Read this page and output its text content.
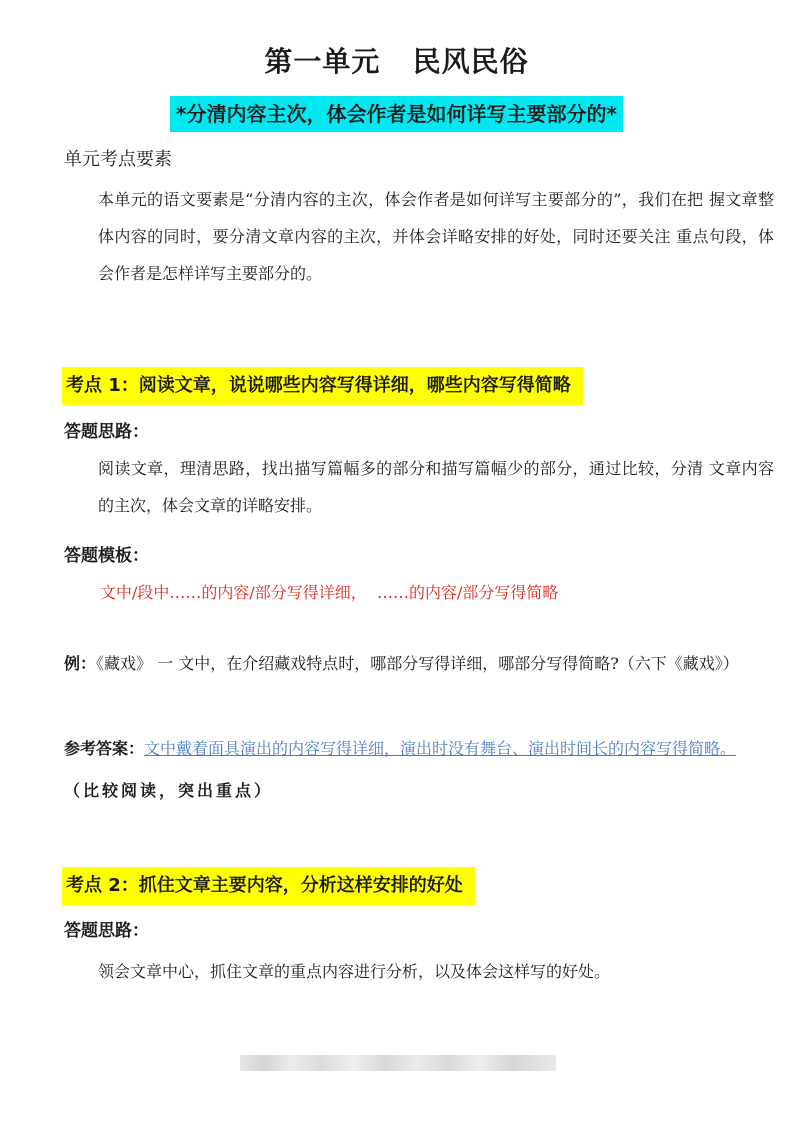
第一单元   民风民俗
*分清内容主次，体会作者是如何详写主要部分的*
单元考点要素
本单元的语文要素是“分清内容的主次，体会作者是如何详写主要部分的”，我们在把 握文章整体内容的同时，要分清文章内容的主次，并体会详略安排的好处，同时还要关注 重点句段，体会作者是怎样详写主要部分的。
考点 1：阅读文章，说说哪些内容写得详细，哪些内容写得简略
答题思路：
阅读文章，理清思路，找出描写篇幅多的部分和描写篇幅少的部分，通过比较，分清 文章内容的主次，体会文章的详略安排。
答题模板：
文中/段中……的内容/部分写得详细，  ……的内容/部分写得简略
例：《藏戏》 一 文中，在介绍藏戏特点时，哪部分写得详细，哪部分写得简略?（六下《藏戏》）
参考答案：文中戴着面具演出的内容写得详细，演出时没有舞台、演出时间长的内容写得简略。（比较阅读，突出重点）
考点 2：抓住文章主要内容，分析这样安排的好处
答题思路：
领会文章中心，抓住文章的重点内容进行分析，以及体会这样写的好处。
